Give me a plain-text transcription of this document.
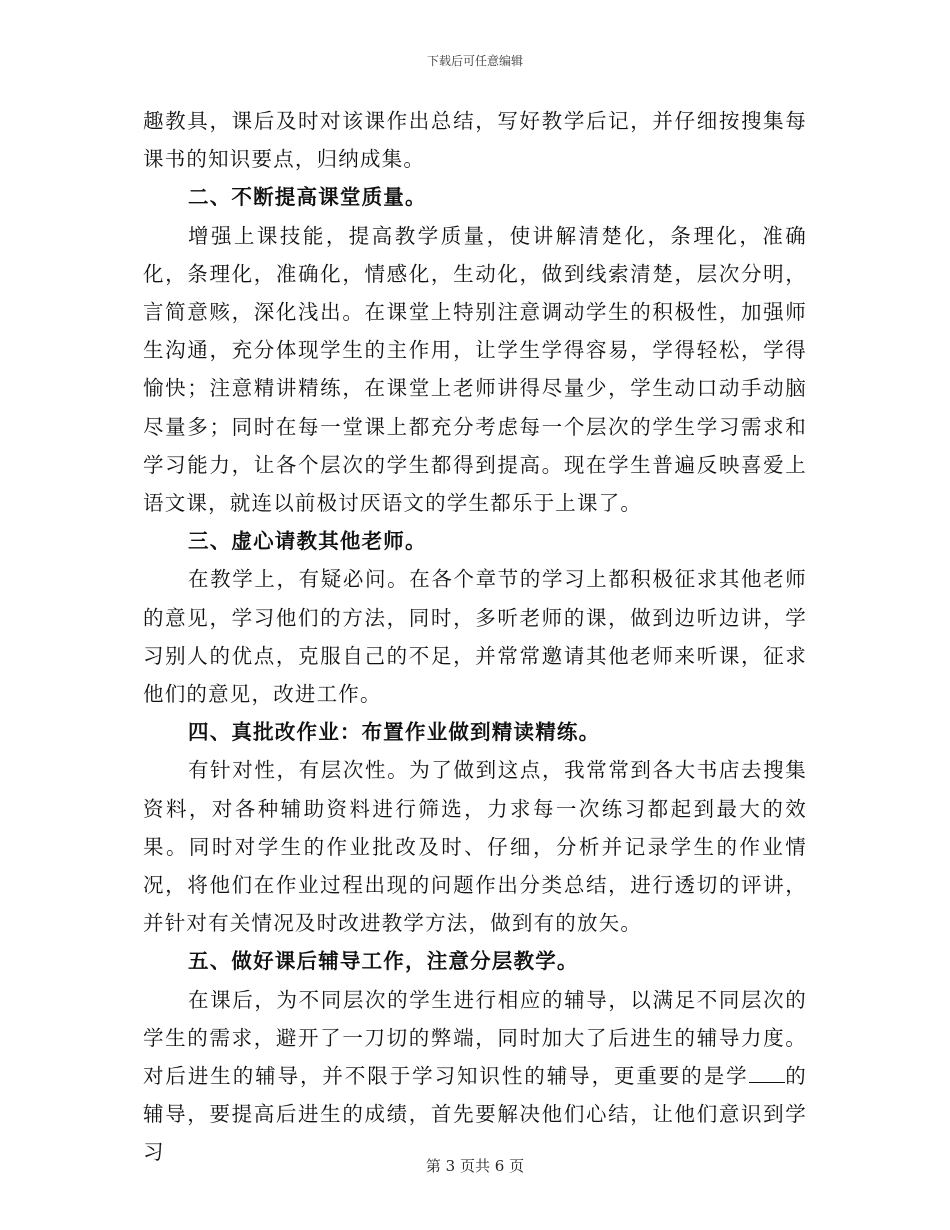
下载后可任意编辑

趣教具，课后及时对该课作出总结，写好教学后记，并仔细按搜集每课书的知识要点，归纳成集。

二、不断提高课堂质量。

增强上课技能，提高教学质量，使讲解清楚化，条理化，准确化，条理化，准确化，情感化，生动化，做到线索清楚，层次分明，言简意赅，深化浅出。在课堂上特别注意调动学生的积极性，加强师生沟通，充分体现学生的主作用，让学生学得容易，学得轻松，学得愉快；注意精讲精练，在课堂上老师讲得尽量少，学生动口动手动脑尽量多；同时在每一堂课上都充分考虑每一个层次的学生学习需求和学习能力，让各个层次的学生都得到提高。现在学生普遍反映喜爱上语文课，就连以前极讨厌语文的学生都乐于上课了。

三、虚心请教其他老师。

在教学上，有疑必问。在各个章节的学习上都积极征求其他老师的意见，学习他们的方法，同时，多听老师的课，做到边听边讲，学习别人的优点，克服自己的不足，并常常邀请其他老师来听课，征求他们的意见，改进工作。

四、真批改作业：布置作业做到精读精练。

有针对性，有层次性。为了做到这点，我常常到各大书店去搜集资料，对各种辅助资料进行筛选，力求每一次练习都起到最大的效果。同时对学生的作业批改及时、仔细，分析并记录学生的作业情况，将他们在作业过程出现的问题作出分类总结，进行透切的评讲，并针对有关情况及时改进教学方法，做到有的放矢。

五、做好课后辅导工作，注意分层教学。

在课后，为不同层次的学生进行相应的辅导，以满足不同层次的学生的需求，避开了一刀切的弊端，同时加大了后进生的辅导力度。对后进生的辅导，并不限于学习知识性的辅导，更重要的是学 的辅导，要提高后进生的成绩，首先要解决他们心结，让他们意识到学习

第 3 页共 6 页
